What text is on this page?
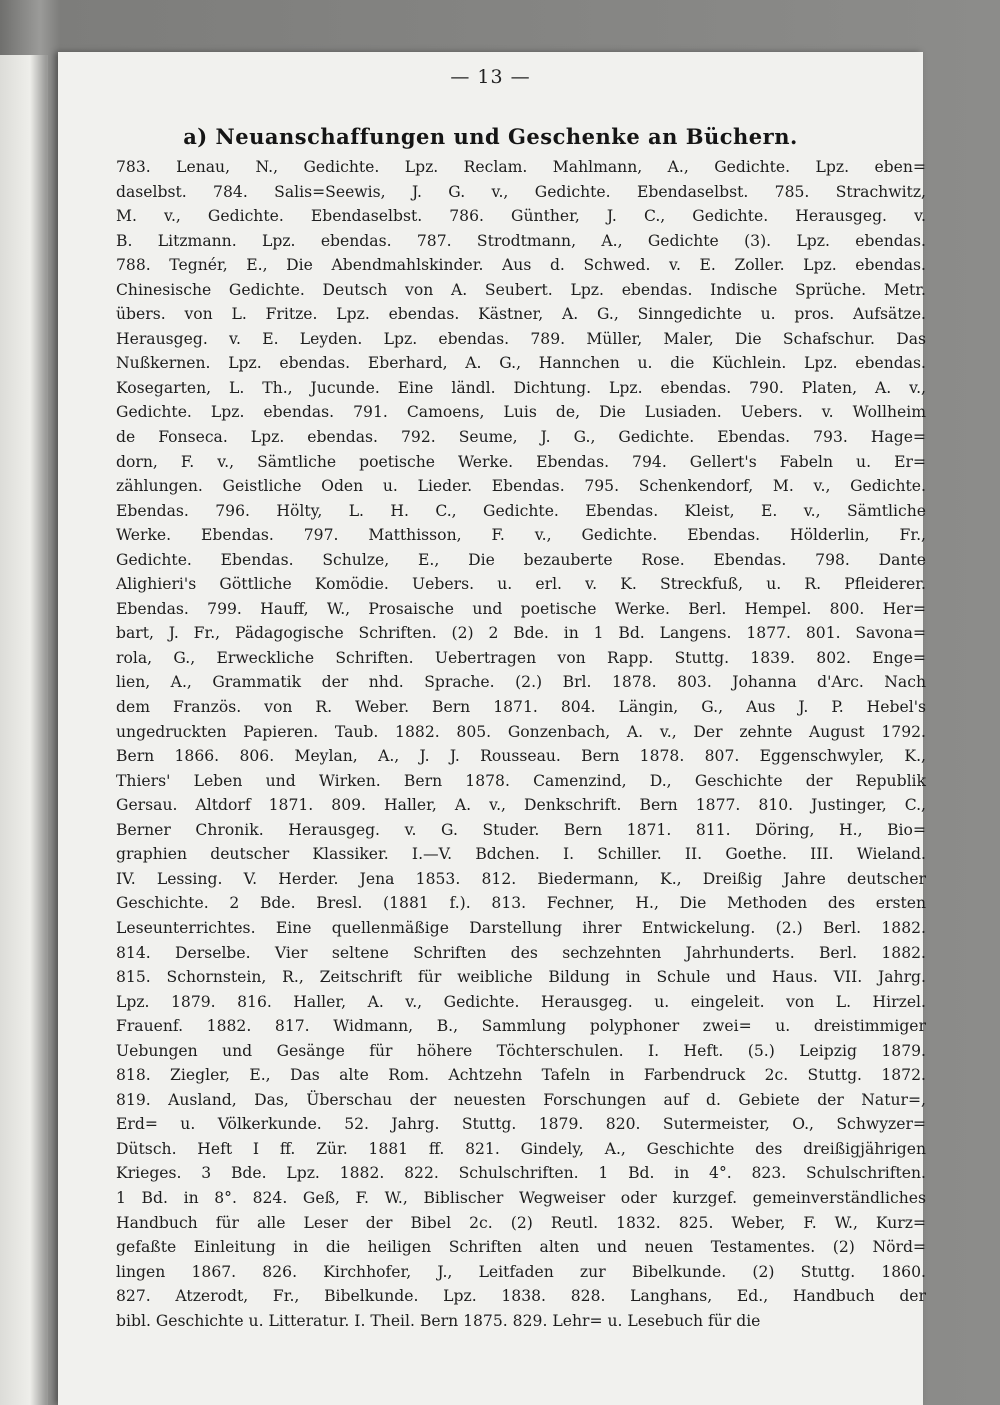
— 13 —
a) Neuanschaffungen und Geschenke an Büchern.
783. Lenau, N., Gedichte. Lpz. Reclam. Mahlmann, A., Gedichte. Lpz. eben=
daselbst. 784. Salis=Seewis, J. G. v., Gedichte. Ebendaselbst. 785. Strachwitz,
M. v., Gedichte. Ebendaselbst. 786. Günther, J. C., Gedichte. Herausgeg. v.
B. Litzmann. Lpz. ebendas. 787. Strodtmann, A., Gedichte (3). Lpz. ebendas.
788. Tegnér, E., Die Abendmahlskinder. Aus d. Schwed. v. E. Zoller. Lpz. ebendas.
Chinesische Gedichte. Deutsch von A. Seubert. Lpz. ebendas. Indische Sprüche. Metr.
übers. von L. Fritze. Lpz. ebendas. Kästner, A. G., Sinngedichte u. pros. Aufsätze.
Herausgeg. v. E. Leyden. Lpz. ebendas. 789. Müller, Maler, Die Schafschur. Das
Nußkernen. Lpz. ebendas. Eberhard, A. G., Hannchen u. die Küchlein. Lpz. ebendas.
Kosegarten, L. Th., Jucunde. Eine ländl. Dichtung. Lpz. ebendas. 790. Platen, A. v.,
Gedichte. Lpz. ebendas. 791. Camoens, Luis de, Die Lusiaden. Uebers. v. Wollheim
de Fonseca. Lpz. ebendas. 792. Seume, J. G., Gedichte. Ebendas. 793. Hage=
dorn, F. v., Sämtliche poetische Werke. Ebendas. 794. Gellert's Fabeln u. Er=
zählungen. Geistliche Oden u. Lieder. Ebendas. 795. Schenkendorf, M. v., Gedichte.
Ebendas. 796. Hölty, L. H. C., Gedichte. Ebendas. Kleist, E. v., Sämtliche
Werke. Ebendas. 797. Matthisson, F. v., Gedichte. Ebendas. Hölderlin, Fr.,
Gedichte. Ebendas. Schulze, E., Die bezauberte Rose. Ebendas. 798. Dante
Alighieri's Göttliche Komödie. Uebers. u. erl. v. K. Streckfuß, u. R. Pfleiderer.
Ebendas. 799. Hauff, W., Prosaische und poetische Werke. Berl. Hempel. 800. Her=
bart, J. Fr., Pädagogische Schriften. (2) 2 Bde. in 1 Bd. Langens. 1877. 801. Savona=
rola, G., Erweckliche Schriften. Uebertragen von Rapp. Stuttg. 1839. 802. Enge=
lien, A., Grammatik der nhd. Sprache. (2.) Brl. 1878. 803. Johanna d'Arc. Nach
dem Französ. von R. Weber. Bern 1871. 804. Längin, G., Aus J. P. Hebel's
ungedruckten Papieren. Taub. 1882. 805. Gonzenbach, A. v., Der zehnte August 1792.
Bern 1866. 806. Meylan, A., J. J. Rousseau. Bern 1878. 807. Eggenschwyler, K.,
Thiers' Leben und Wirken. Bern 1878. Camenzind, D., Geschichte der Republik
Gersau. Altdorf 1871. 809. Haller, A. v., Denkschrift. Bern 1877. 810. Justinger, C.,
Berner Chronik. Herausgeg. v. G. Studer. Bern 1871. 811. Döring, H., Bio=
graphien deutscher Klassiker. I.—V. Bdchen. I. Schiller. II. Goethe. III. Wieland.
IV. Lessing. V. Herder. Jena 1853. 812. Biedermann, K., Dreißig Jahre deutscher
Geschichte. 2 Bde. Bresl. (1881 f.). 813. Fechner, H., Die Methoden des ersten
Leseunterrichtes. Eine quellenmäßige Darstellung ihrer Entwickelung. (2.) Berl. 1882.
814. Derselbe. Vier seltene Schriften des sechzehnten Jahrhunderts. Berl. 1882.
815. Schornstein, R., Zeitschrift für weibliche Bildung in Schule und Haus. VII. Jahrg.
Lpz. 1879. 816. Haller, A. v., Gedichte. Herausgeg. u. eingeleit. von L. Hirzel.
Frauenf. 1882. 817. Widmann, B., Sammlung polyphoner zwei= u. dreistimmiger
Uebungen und Gesänge für höhere Töchterschulen. I. Heft. (5.) Leipzig 1879.
818. Ziegler, E., Das alte Rom. Achtzehn Tafeln in Farbendruck 2c. Stuttg. 1872.
819. Ausland, Das, Überschau der neuesten Forschungen auf d. Gebiete der Natur=,
Erd= u. Völkerkunde. 52. Jahrg. Stuttg. 1879. 820. Sutermeister, O., Schwyzer=
Dütsch. Heft I ff. Zür. 1881 ff. 821. Gindely, A., Geschichte des dreißigjährigen
Krieges. 3 Bde. Lpz. 1882. 822. Schulschriften. 1 Bd. in 4°. 823. Schulschriften.
1 Bd. in 8°. 824. Geß, F. W., Biblischer Wegweiser oder kurzgef. gemeinverständliches
Handbuch für alle Leser der Bibel 2c. (2) Reutl. 1832. 825. Weber, F. W., Kurz=
gefaßte Einleitung in die heiligen Schriften alten und neuen Testamentes. (2) Nörd=
lingen 1867. 826. Kirchhofer, J., Leitfaden zur Bibelkunde. (2) Stuttg. 1860.
827. Atzerodt, Fr., Bibelkunde. Lpz. 1838. 828. Langhans, Ed., Handbuch der
bibl. Geschichte u. Litteratur. I. Theil. Bern 1875. 829. Lehr= u. Lesebuch für die
